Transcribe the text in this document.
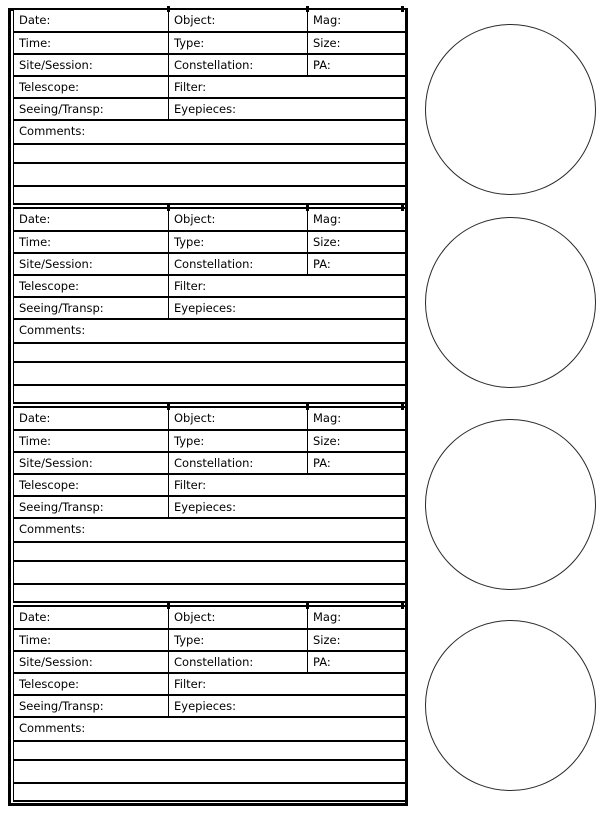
Date:	Object:	Mag:
Time:	Type:	Size:
Site/Session:	Constellation:	PA:
Telescope:	Filter:
Seeing/Transp:	Eyepieces:
Comments:
Date:	Object:	Mag:
Time:	Type:	Size:
Site/Session:	Constellation:	PA:
Telescope:	Filter:
Seeing/Transp:	Eyepieces:
Comments:
Date:	Object:	Mag:
Time:	Type:	Size:
Site/Session:	Constellation:	PA:
Telescope:	Filter:
Seeing/Transp:	Eyepieces:
Comments:
Date:	Object:	Mag:
Time:	Type:	Size:
Site/Session:	Constellation:	PA:
Telescope:	Filter:
Seeing/Transp:	Eyepieces:
Comments:
